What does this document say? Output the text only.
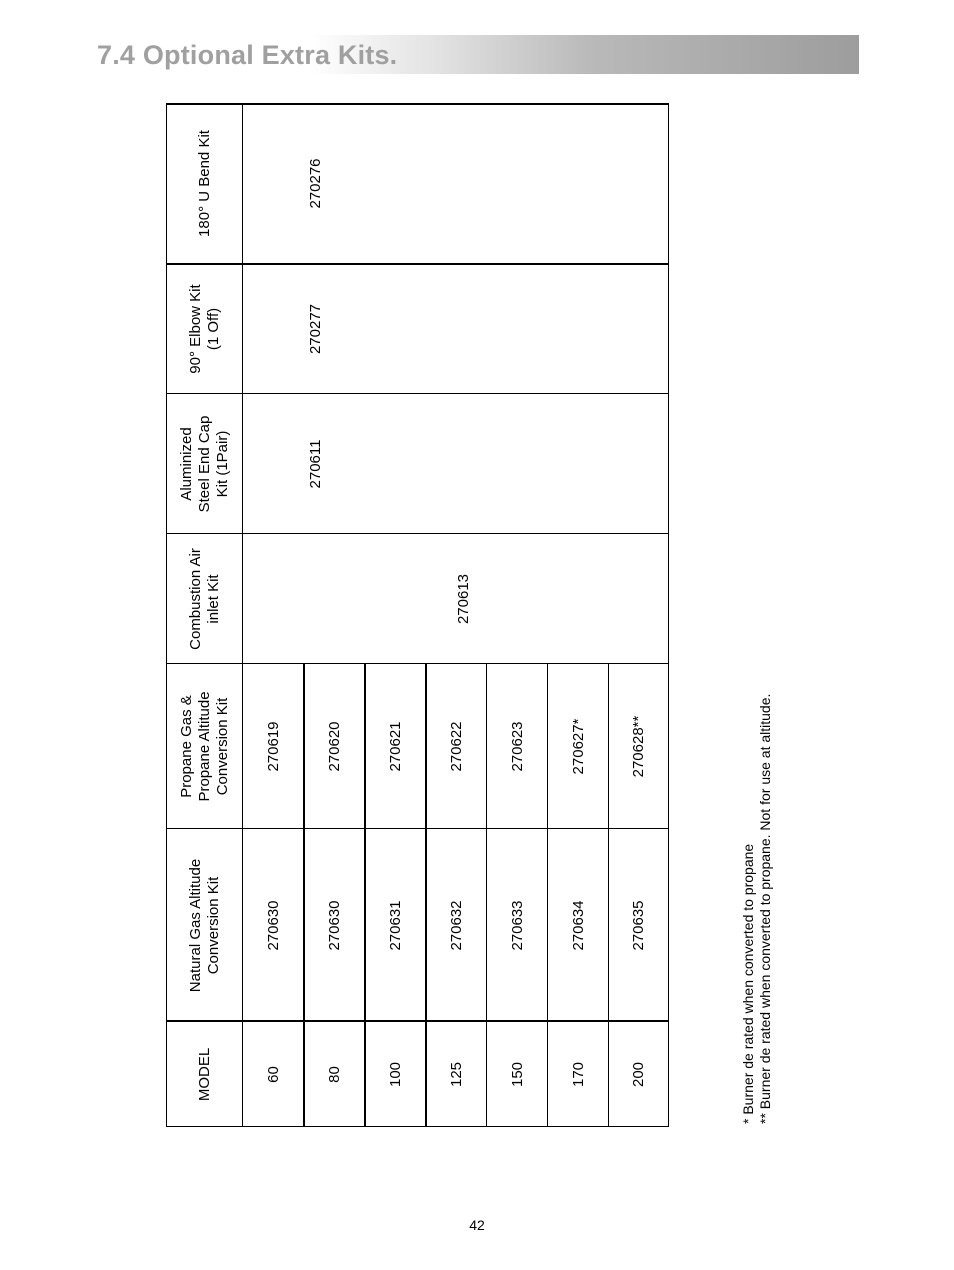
7.4 Optional Extra Kits.
MODEL
Natural Gas Altitude Conversion Kit
Propane Gas & Propane Altitude Conversion Kit
Combustion Air inlet Kit
Aluminized Steel End Cap Kit (1Pair)
90° Elbow Kit (1 Off)
180° U Bend Kit
60
270630
270619
80
270630
270620
100
270631
270621
125
270632
270622
150
270633
270623
170
270634
270627*
200
270635
270628**
270613
270611
270277
270276
* Burner de rated when converted to propane ** Burner de rated when converted to propane. Not for use at altitude.
42
